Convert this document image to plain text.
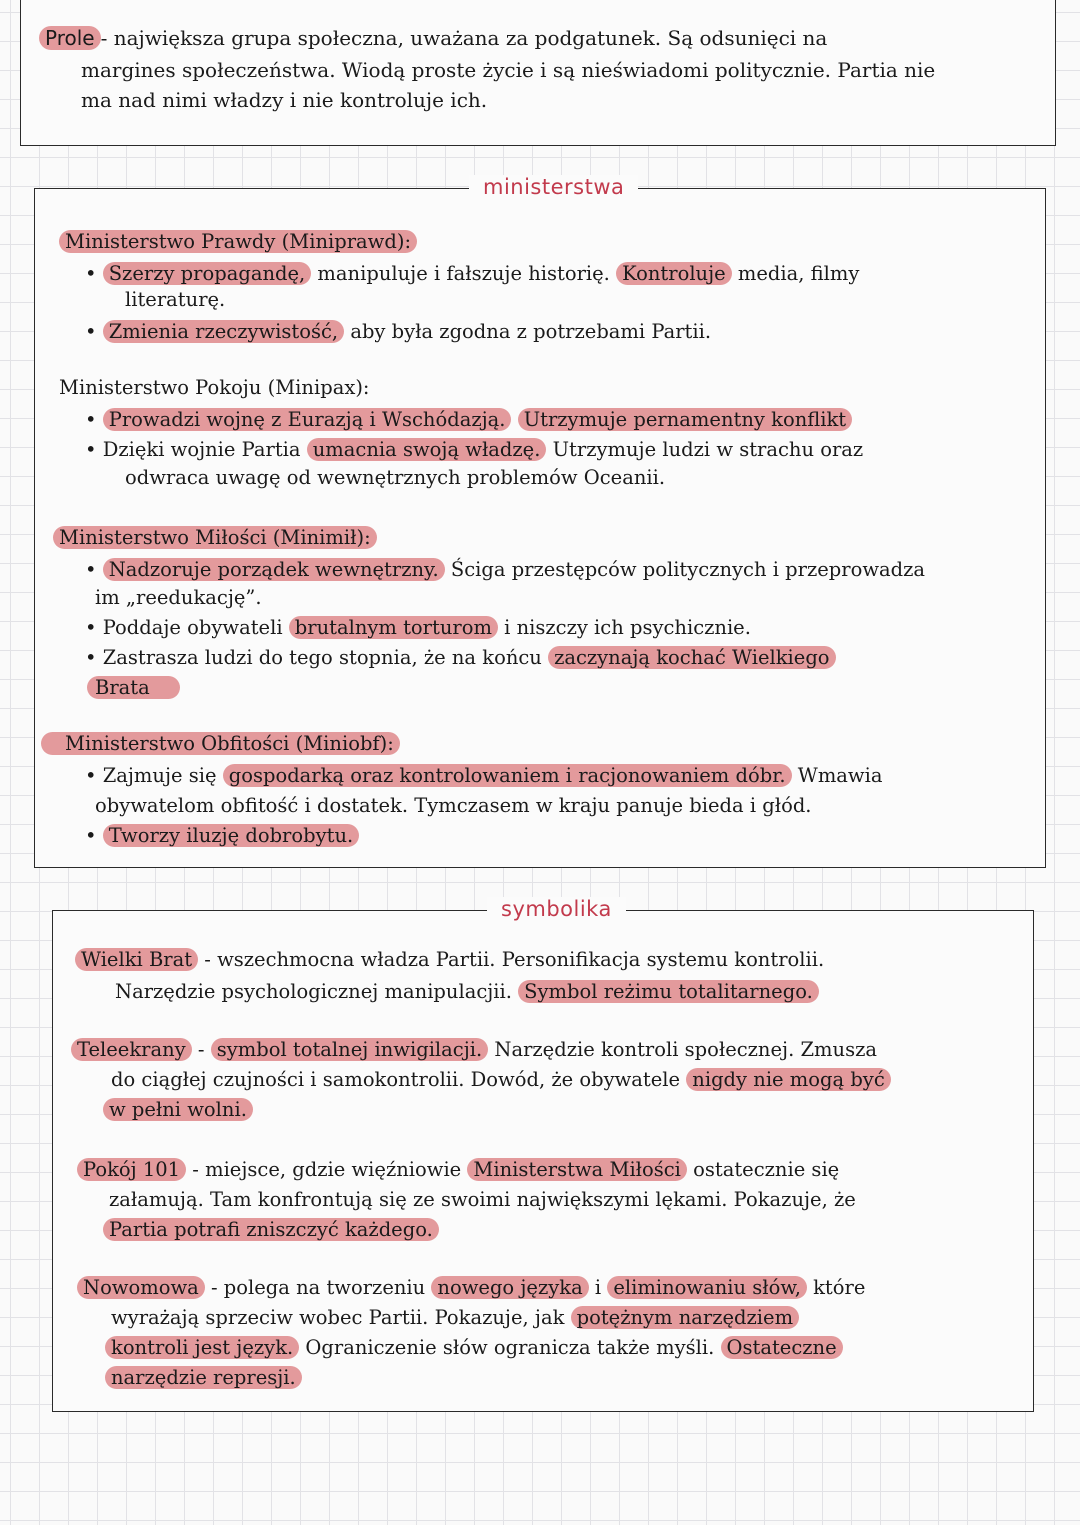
Prole - największa grupa społeczna, uważana za podgatunek. Są odsunięci na
margines społeczeństwa. Wiodą proste życie i są nieświadomi politycznie. Partia nie
ma nad nimi władzy i nie kontroluje ich.
ministerstwa
Ministerstwo Prawdy (Miniprawd):
• Szerzy propagandę, manipuluje i fałszuje historię. Kontroluje media, filmy
literaturę.
• Zmienia rzeczywistość, aby była zgodna z potrzebami Partii.
Ministerstwo Pokoju (Minipax):
• Prowadzi wojnę z Eurazją i Wschódazją. Utrzymuje pernamentny konflikt
• Dzięki wojnie Partia umacnia swoją władzę. Utrzymuje ludzi w strachu oraz
odwraca uwagę od wewnętrznych problemów Oceanii.
Ministerstwo Miłości (Minimił):
• Nadzoruje porządek wewnętrzny. Ściga przestępców politycznych i przeprowadza
im „reedukację”.
• Poddaje obywateli brutalnym torturom i niszczy ich psychicznie.
• Zastrasza ludzi do tego stopnia, że na końcu zaczynają kochać Wielkiego
Brata
Ministerstwo Obfitości (Miniobf):
• Zajmuje się gospodarką oraz kontrolowaniem i racjonowaniem dóbr. Wmawia
obywatelom obfitość i dostatek. Tymczasem w kraju panuje bieda i głód.
• Tworzy iluzję dobrobytu.
symbolika
Wielki Brat - wszechmocna władza Partii. Personifikacja systemu kontrolii.
Narzędzie psychologicznej manipulacjii. Symbol reżimu totalitarnego.
Teleekrany - symbol totalnej inwigilacji. Narzędzie kontroli społecznej. Zmusza
do ciągłej czujności i samokontrolii. Dowód, że obywatele nigdy nie mogą być
w pełni wolni.
Pokój 101 - miejsce, gdzie więźniowie Ministerstwa Miłości ostatecznie się
załamują. Tam konfrontują się ze swoimi największymi lękami. Pokazuje, że
Partia potrafi zniszczyć każdego.
Nowomowa - polega na tworzeniu nowego języka i eliminowaniu słów, które
wyrażają sprzeciw wobec Partii. Pokazuje, jak potężnym narzędziem
kontroli jest język. Ograniczenie słów ogranicza także myśli. Ostateczne
narzędzie represji.
